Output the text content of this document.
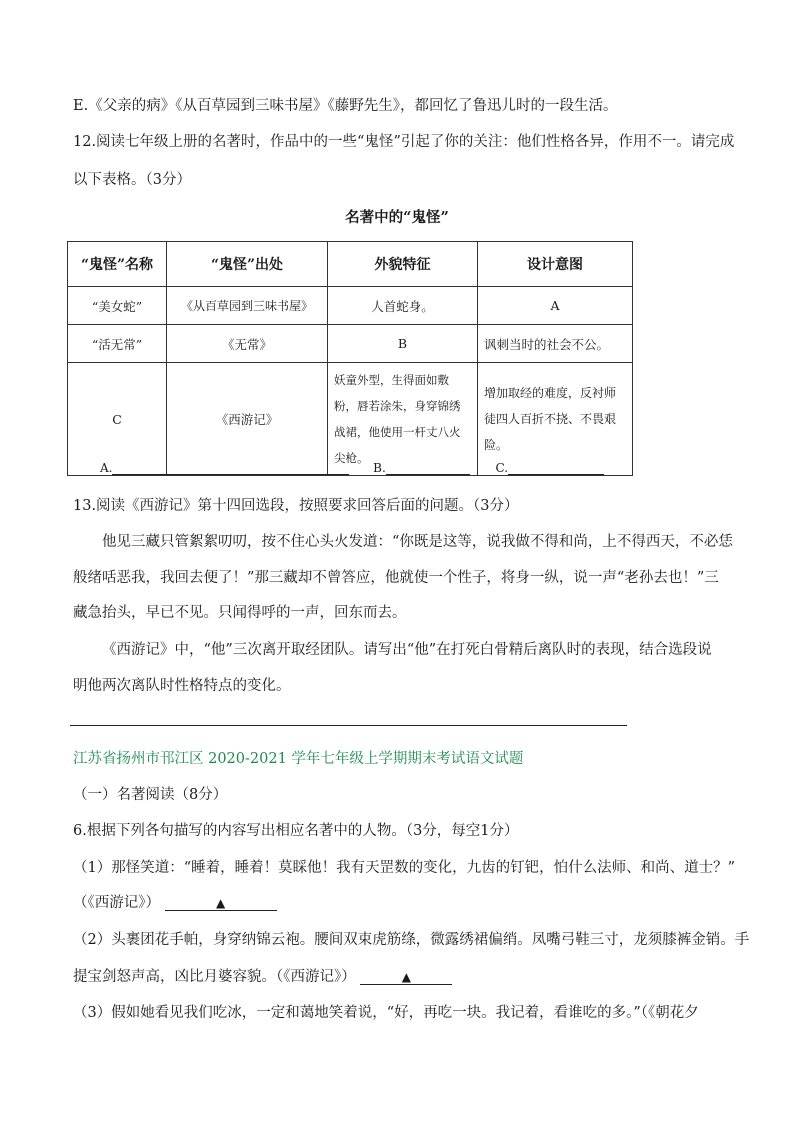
E.《父亲的病》《从百草园到三味书屋》《藤野先生》，都回忆了鲁迅儿时的一段生活。
12.阅读七年级上册的名著时，作品中的一些“鬼怪”引起了你的关注：他们性格各异，作用不一。请完成
以下表格。（3分）
名著中的“鬼怪”
“鬼怪”名称	“鬼怪”出处	外貌特征	设计意图
“美女蛇”	《从百草园到三味书屋》	人首蛇身。	A
“活无常”	《无常》	B	讽刺当时的社会不公。
C	《西游记》	妖童外型，生得面如敷粉，唇若涂朱，身穿锦绣战裙，他使用一杆丈八火尖枪。	增加取经的难度，反衬师徒四人百折不挠、不畏艰险。
A.	B.	C.
13.阅读《西游记》第十四回选段，按照要求回答后面的问题。（3分）
他见三藏只管絮絮叨叨，按不住心头火发道：“你既是这等，说我做不得和尚，上不得西天，不必恁
般绪咶恶我，我回去便了！”那三藏却不曾答应，他就使一个性子，将身一纵，说一声“老孙去也！”三
藏急抬头，早已不见。只闻得呼的一声，回东而去。
《西游记》中，“他”三次离开取经团队。请写出“他”在打死白骨精后离队时的表现，结合选段说
明他两次离队时性格特点的变化。
江苏省扬州市邗江区 2020-2021 学年七年级上学期期末考试语文试题
（一）名著阅读（8分）
6.根据下列各句描写的内容写出相应名著中的人物。（3分，每空1分）
（1）那怪笑道：“睡着，睡着！莫睬他！我有天罡数的变化，九齿的钉钯，怕什么法师、和尚、道士？”
（《西游记》）	▲
（2）头裹团花手帕，身穿纳锦云袍。腰间双束虎筋绦，微露绣裙偏绡。凤嘴弓鞋三寸，龙须膝裤金销。手
提宝剑怒声高，凶比月婆容貌。（《西游记》）	▲
（3）假如她看见我们吃冰，一定和蔼地笑着说，“好，再吃一块。我记着，看谁吃的多。”（《朝花夕
